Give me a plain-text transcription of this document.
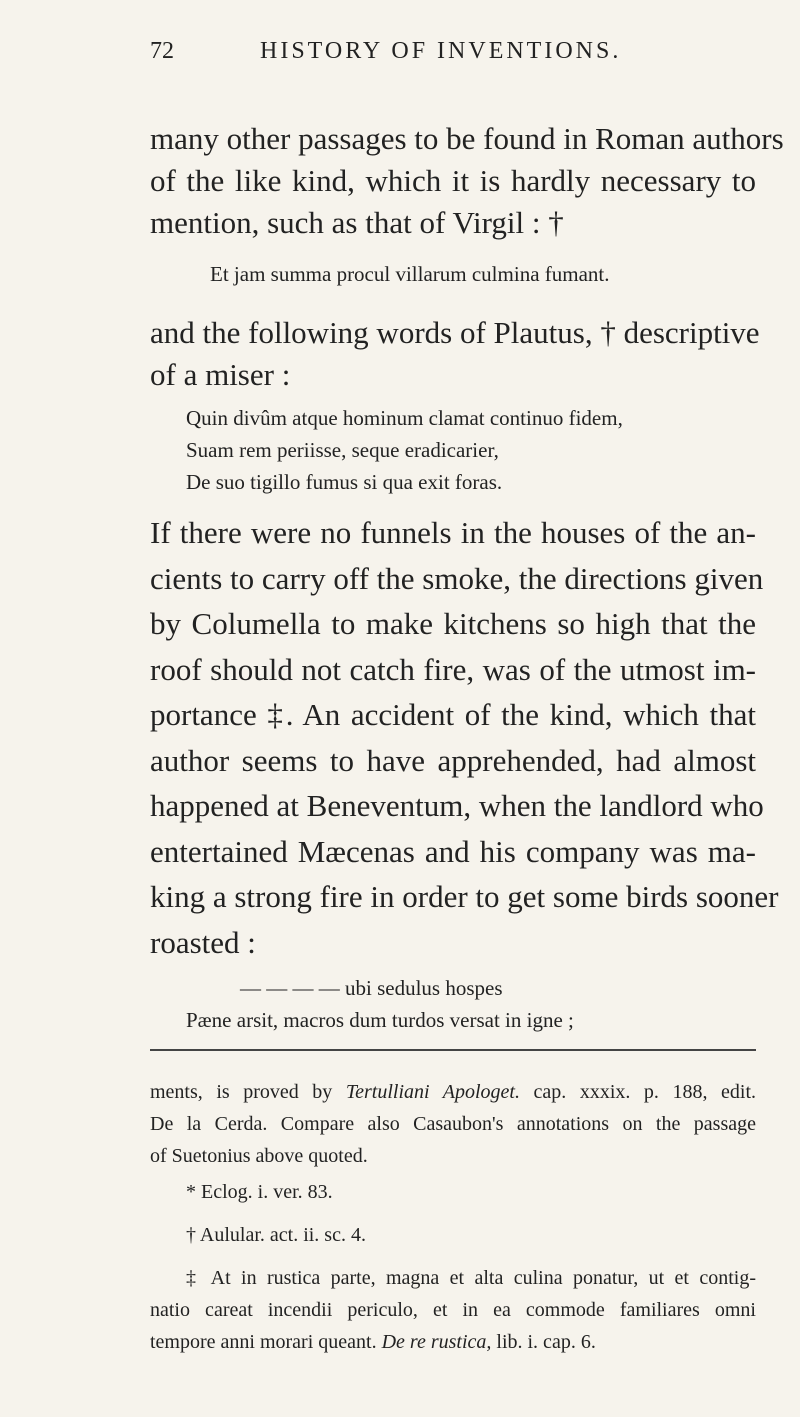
72	HISTORY OF INVENTIONS.
many other passages to be found in Roman authors
of the like kind, which it is hardly necessary to
mention, such as that of Virgil : †
Et jam summa procul villarum culmina fumant.
and the following words of Plautus, † descriptive
of a miser :
Quin divûm atque hominum clamat continuo fidem,
Suam rem periisse, seque eradicarier,
De suo tigillo fumus si qua exit foras.
If there were no funnels in the houses of the an-
cients to carry off the smoke, the directions given
by Columella to make kitchens so high that the
roof should not catch fire, was of the utmost im-
portance ‡. An accident of the kind, which that
author seems to have apprehended, had almost
happened at Beneventum, when the landlord who
entertained Mæcenas and his company was ma-
king a strong fire in order to get some birds sooner
roasted :
— — — — ubi sedulus hospes
Pæne arsit, macros dum turdos versat in igne ;
ments, is proved by Tertulliani Apologet. cap. xxxix. p. 188, edit.
De la Cerda. Compare also Casaubon's annotations on the passage
of Suetonius above quoted.
* Eclog. i. ver. 83.
† Aulular. act. ii. sc. 4.
‡ At in rustica parte, magna et alta culina ponatur, ut et contig-
natio careat incendii periculo, et in ea commode familiares omni
tempore anni morari queant. De re rustica, lib. i. cap. 6.
